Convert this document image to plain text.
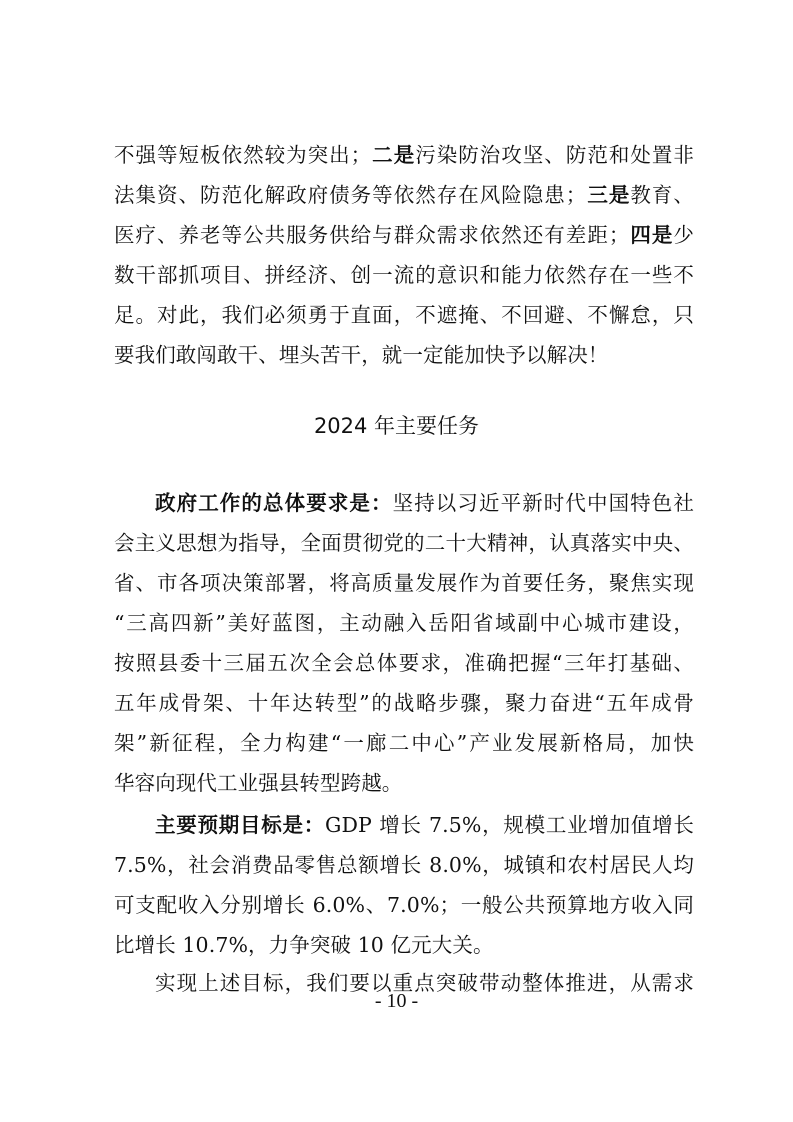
不强等短板依然较为突出；二是污染防治攻坚、防范和处置非
法集资、防范化解政府债务等依然存在风险隐患；三是教育、
医疗、养老等公共服务供给与群众需求依然还有差距；四是少
数干部抓项目、拼经济、创一流的意识和能力依然存在一些不
足。对此，我们必须勇于直面，不遮掩、不回避、不懈怠，只
要我们敢闯敢干、埋头苦干，就一定能加快予以解决！
2024 年主要任务
政府工作的总体要求是：坚持以习近平新时代中国特色社
会主义思想为指导，全面贯彻党的二十大精神，认真落实中央、
省、市各项决策部署，将高质量发展作为首要任务，聚焦实现
“三高四新”美好蓝图，主动融入岳阳省域副中心城市建设，
按照县委十三届五次全会总体要求，准确把握“三年打基础、
五年成骨架、十年达转型”的战略步骤，聚力奋进“五年成骨
架”新征程，全力构建“一廊二中心”产业发展新格局，加快
华容向现代工业强县转型跨越。
主要预期目标是：GDP 增长 7.5%，规模工业增加值增长
7.5%，社会消费品零售总额增长 8.0%，城镇和农村居民人均
可支配收入分别增长 6.0%、7.0%；一般公共预算地方收入同
比增长 10.7%，力争突破 10 亿元大关。
实现上述目标，我们要以重点突破带动整体推进，从需求
- 10 -
